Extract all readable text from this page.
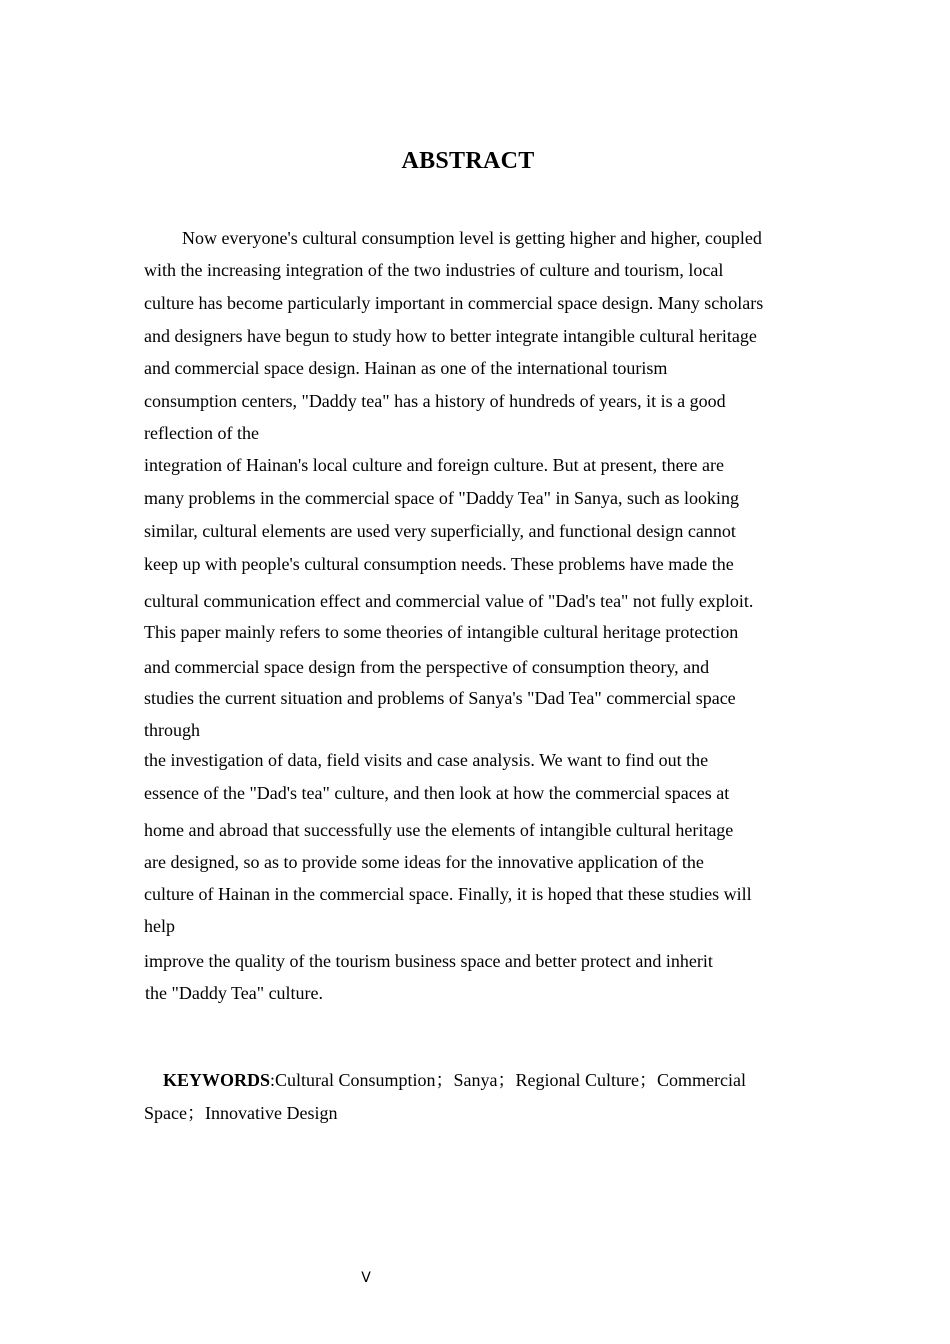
ABSTRACT
Now everyone's cultural consumption level is getting higher and higher, coupled
with the increasing integration of the two industries of culture and tourism, local
culture has become particularly important in commercial space design. Many scholars
and designers have begun to study how to better integrate intangible cultural heritage
and commercial space design. Hainan as one of the international tourism
consumption centers, "Daddy tea" has a history of hundreds of years, it is a good
reflection of the
integration of Hainan's local culture and foreign culture. But at present, there are
many problems in the commercial space of "Daddy Tea" in Sanya, such as looking
similar, cultural elements are used very superficially, and functional design cannot
keep up with people's cultural consumption needs. These problems have made the
cultural communication effect and commercial value of "Dad's tea" not fully exploit.
This paper mainly refers to some theories of intangible cultural heritage protection
and commercial space design from the perspective of consumption theory, and
studies the current situation and problems of Sanya's "Dad Tea" commercial space
through
the investigation of data, field visits and case analysis. We want to find out the
essence of the "Dad's tea" culture, and then look at how the commercial spaces at
home and abroad that successfully use the elements of intangible cultural heritage
are designed, so as to provide some ideas for the innovative application of the
culture of Hainan in the commercial space. Finally, it is hoped that these studies will
help
improve the quality of the tourism business space and better protect and inherit
the "Daddy Tea" culture.
KEYWORDS:Cultural Consumption；Sanya；Regional Culture；Commercial
Space；Innovative Design
V
